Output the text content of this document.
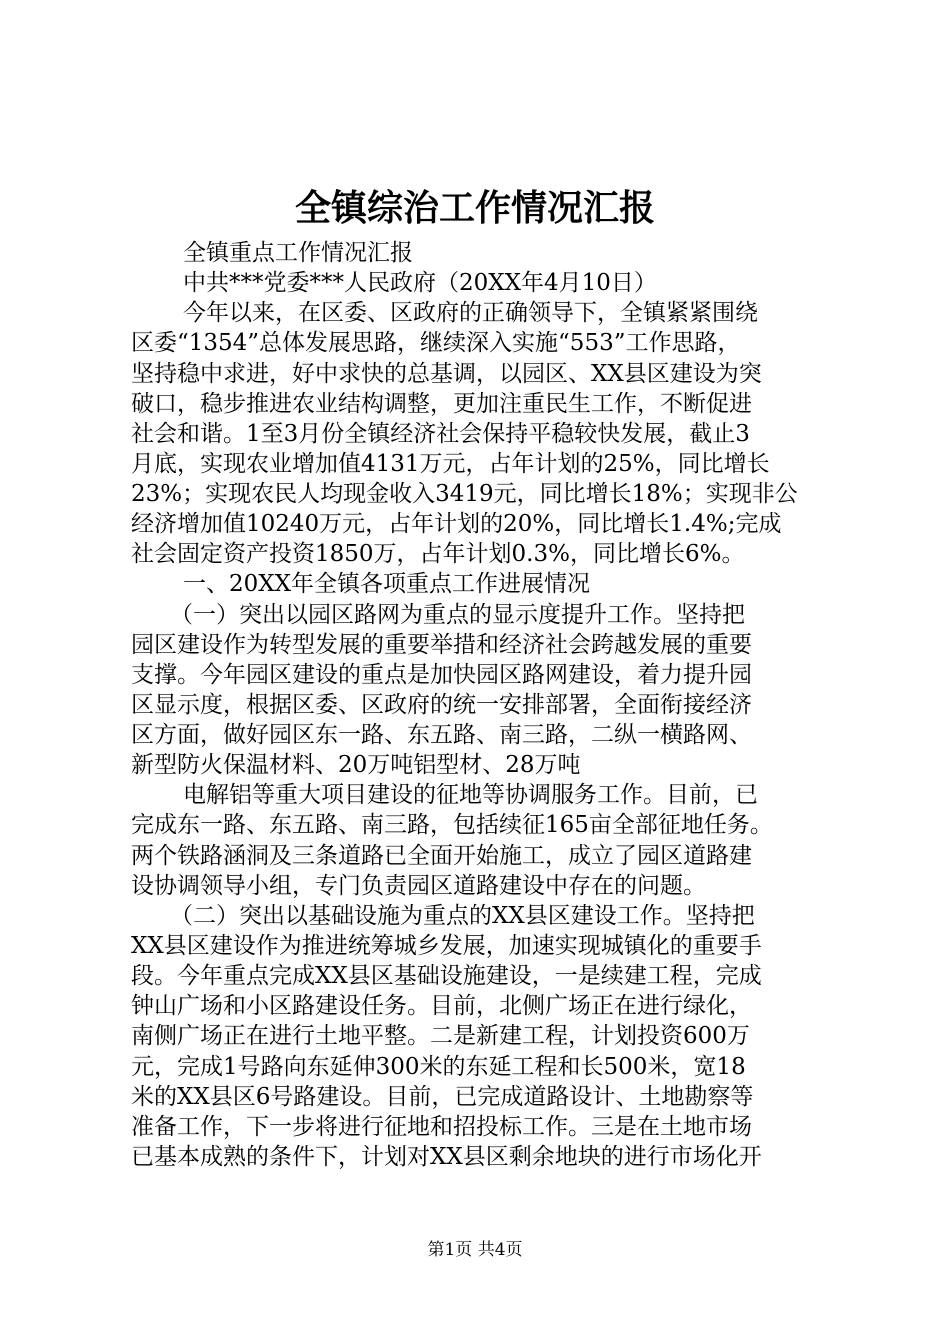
全镇综治工作情况汇报
全镇重点工作情况汇报
中共***党委***人民政府（20XX年4月10日）
今年以来，在区委、区政府的正确领导下，全镇紧紧围绕
区委“1354”总体发展思路，继续深入实施“553”工作思路，
坚持稳中求进，好中求快的总基调，以园区、XX县区建设为突
破口，稳步推进农业结构调整，更加注重民生工作，不断促进
社会和谐。1至3月份全镇经济社会保持平稳较快发展，截止3
月底，实现农业增加值4131万元，占年计划的25%，同比增长
23%；实现农民人均现金收入3419元，同比增长18%；实现非公
经济增加值10240万元，占年计划的20%，同比增长1.4%;完成
社会固定资产投资1850万，占年计划0.3%，同比增长6%。
一、20XX年全镇各项重点工作进展情况
（一）突出以园区路网为重点的显示度提升工作。坚持把
园区建设作为转型发展的重要举措和经济社会跨越发展的重要
支撑。今年园区建设的重点是加快园区路网建设，着力提升园
区显示度，根据区委、区政府的统一安排部署，全面衔接经济
区方面，做好园区东一路、东五路、南三路，二纵一横路网、
新型防火保温材料、20万吨铝型材、28万吨
电解铝等重大项目建设的征地等协调服务工作。目前，已
完成东一路、东五路、南三路，包括续征165亩全部征地任务。
两个铁路涵洞及三条道路已全面开始施工，成立了园区道路建
设协调领导小组，专门负责园区道路建设中存在的问题。
（二）突出以基础设施为重点的XX县区建设工作。坚持把
XX县区建设作为推进统筹城乡发展，加速实现城镇化的重要手
段。今年重点完成XX县区基础设施建设，一是续建工程，完成
钟山广场和小区路建设任务。目前，北侧广场正在进行绿化，
南侧广场正在进行土地平整。二是新建工程，计划投资600万
元，完成1号路向东延伸300米的东延工程和长500米，宽18
米的XX县区6号路建设。目前，已完成道路设计、土地勘察等
准备工作，下一步将进行征地和招投标工作。三是在土地市场
已基本成熟的条件下，计划对XX县区剩余地块的进行市场化开
第1页 共4页
